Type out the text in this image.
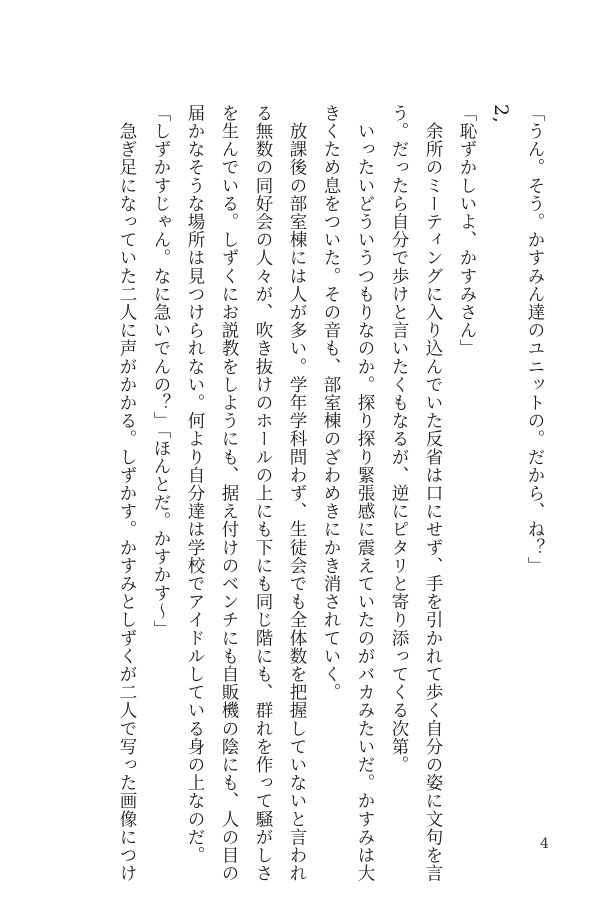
「うん。そう。かすみん達のユニットの。だから、ね？」
2,
「恥ずかしいよ、かすみさん」
　余所のミーティングに入り込んでいた反省は口にせず、手を引かれて歩く自分の姿に文句を言
う。だったら自分で歩けと言いたくもなるが、逆にピタリと寄り添ってくる次第。
　いったいどういうつもりなのか。探り探り緊張感に震えていたのがバカみたいだ。かすみは大
きくため息をついた。その音も、部室棟のざわめきにかき消されていく。
　放課後の部室棟には人が多い。学年学科問わず、生徒会でも全体数を把握していないと言われ
る無数の同好会の人々が、吹き抜けのホールの上にも下にも同じ階にも、群れを作って騒がしさ
を生んでいる。しずくにお説教をしようにも、据え付けのベンチにも自販機の陰にも、人の目の
届かなそうな場所は見つけられない。何より自分達は学校でアイドルしている身の上なのだ。
「しずかすじゃん。なに急いでんの？」「ほんとだ。かすかす～」
　急ぎ足になっていた二人に声がかかる。しずかす。かすみとしずくが二人で写った画像につけ	4
